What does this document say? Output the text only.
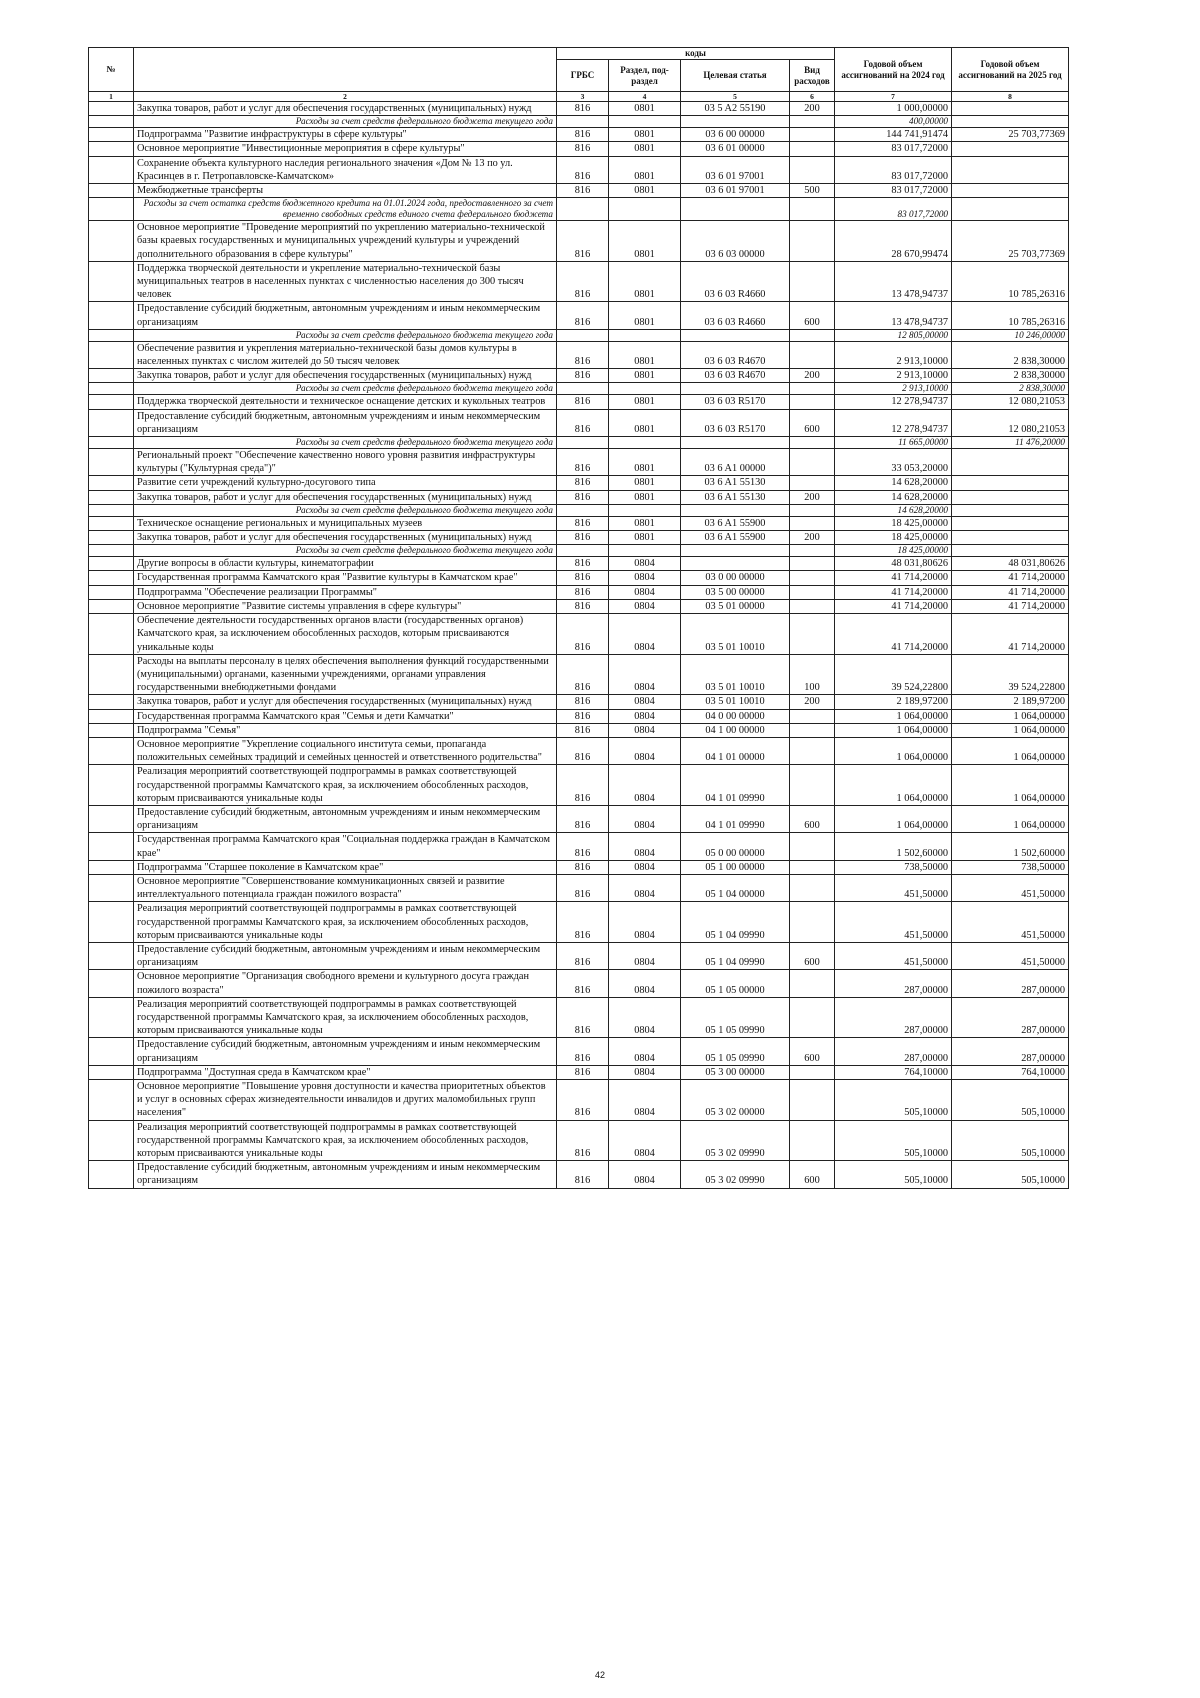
№		коды				Годовой объем ассигнований на 2024 год	Годовой объем ассигнований на 2025 год	
		ГРБС	Раздел, под-раздел	Целевая статья	Вид расходов			
1	2	3	4	5	6	7	8	
	Закупка товаров, работ и услуг для обеспечения государственных (муниципальных) нужд	816	0801	03 5 A2 55190	200	1 000,00000		
	Расходы за счет средств федерального бюджета текущего года					400,00000		
	Подпрограмма "Развитие инфраструктуры в сфере культуры"	816	0801	03 6 00 00000		144 741,91474	25 703,77369	
	Основное мероприятие "Инвестиционные мероприятия в сфере культуры"	816	0801	03 6 01 00000		83 017,72000		
	Сохранение объекта культурного наследия регионального значения «Дом № 13 по ул. Красинцев в г. Петропавловске-Камчатском»	816	0801	03 6 01 97001		83 017,72000		
	Межбюджетные трансферты	816	0801	03 6 01 97001	500	83 017,72000		
	Расходы за счет остатка средств бюджетного кредита на 01.01.2024 года, предоставленного за счет временно свободных средств единого счета федерального бюджета					83 017,72000		
	Основное мероприятие "Проведение мероприятий по укреплению материально-технической базы краевых государственных и муниципальных учреждений культуры и учреждений дополнительного образования в сфере культуры"	816	0801	03 6 03 00000		28 670,99474	25 703,77369	
	Поддержка творческой деятельности и укрепление материально-технической базы муниципальных театров в населенных пунктах с численностью населения до 300 тысяч человек	816	0801	03 6 03 R4660		13 478,94737	10 785,26316	
	Предоставление субсидий бюджетным, автономным учреждениям и иным некоммерческим организациям	816	0801	03 6 03 R4660	600	13 478,94737	10 785,26316	
	Расходы за счет средств федерального бюджета текущего года					12 805,00000	10 246,00000	
	Обеспечение развития и укрепления материально-технической базы домов культуры в населенных пунктах с числом жителей до 50 тысяч человек	816	0801	03 6 03 R4670		2 913,10000	2 838,30000	
	Закупка товаров, работ и услуг для обеспечения государственных (муниципальных) нужд	816	0801	03 6 03 R4670	200	2 913,10000	2 838,30000	
	Расходы за счет средств федерального бюджета текущего года					2 913,10000	2 838,30000	
	Поддержка творческой деятельности и техническое оснащение детских и кукольных театров	816	0801	03 6 03 R5170		12 278,94737	12 080,21053	
	Предоставление субсидий бюджетным, автономным учреждениям и иным некоммерческим организациям	816	0801	03 6 03 R5170	600	12 278,94737	12 080,21053	
	Расходы за счет средств федерального бюджета текущего года					11 665,00000	11 476,20000	
	Региональный проект "Обеспечение качественно нового уровня развития инфраструктуры культуры ("Культурная среда")"	816	0801	03 6 A1 00000		33 053,20000		
	Развитие сети учреждений культурно-досугового типа	816	0801	03 6 A1 55130		14 628,20000		
	Закупка товаров, работ и услуг для обеспечения государственных (муниципальных) нужд	816	0801	03 6 A1 55130	200	14 628,20000		
	Расходы за счет средств федерального бюджета текущего года					14 628,20000		
	Техническое оснащение региональных и муниципальных музеев	816	0801	03 6 A1 55900		18 425,00000		
	Закупка товаров, работ и услуг для обеспечения государственных (муниципальных) нужд	816	0801	03 6 A1 55900	200	18 425,00000		
	Расходы за счет средств федерального бюджета текущего года					18 425,00000		
	Другие вопросы в области культуры, кинематографии	816	0804			48 031,80626	48 031,80626	
	Государственная программа Камчатского края "Развитие культуры в Камчатском крае"	816	0804	03 0 00 00000		41 714,20000	41 714,20000	
	Подпрограмма "Обеспечение реализации Программы"	816	0804	03 5 00 00000		41 714,20000	41 714,20000	
	Основное мероприятие "Развитие системы управления в сфере культуры"	816	0804	03 5 01 00000		41 714,20000	41 714,20000	
	Обеспечение деятельности государственных органов власти (государственных органов) Камчатского края, за исключением обособленных расходов, которым присваиваются уникальные коды	816	0804	03 5 01 10010		41 714,20000	41 714,20000	
	Расходы на выплаты персоналу в целях обеспечения выполнения функций государственными (муниципальными) органами, казенными учреждениями, органами управления государственными внебюджетными фондами	816	0804	03 5 01 10010	100	39 524,22800	39 524,22800	
	Закупка товаров, работ и услуг для обеспечения государственных (муниципальных) нужд	816	0804	03 5 01 10010	200	2 189,97200	2 189,97200	
	Государственная программа Камчатского края "Семья и дети Камчатки"	816	0804	04 0 00 00000		1 064,00000	1 064,00000	
	Подпрограмма "Семья"	816	0804	04 1 00 00000		1 064,00000	1 064,00000	
	Основное мероприятие "Укрепление социального института семьи, пропаганда положительных семейных традиций и семейных ценностей и ответственного родительства"	816	0804	04 1 01 00000		1 064,00000	1 064,00000	
	Реализация мероприятий соответствующей подпрограммы в рамках соответствующей государственной программы Камчатского края, за исключением обособленных расходов, которым присваиваются уникальные коды	816	0804	04 1 01 09990		1 064,00000	1 064,00000	
	Предоставление субсидий бюджетным, автономным учреждениям и иным некоммерческим организациям	816	0804	04 1 01 09990	600	1 064,00000	1 064,00000	
	Государственная программа Камчатского края "Социальная поддержка граждан в Камчатском крае"	816	0804	05 0 00 00000		1 502,60000	1 502,60000	
	Подпрограмма "Старшее поколение в Камчатском крае"	816	0804	05 1 00 00000		738,50000	738,50000	
	Основное мероприятие "Совершенствование коммуникационных связей и развитие интеллектуального потенциала граждан пожилого возраста"	816	0804	05 1 04 00000		451,50000	451,50000	
	Реализация мероприятий соответствующей подпрограммы в рамках соответствующей государственной программы Камчатского края, за исключением обособленных расходов, которым присваиваются уникальные коды	816	0804	05 1 04 09990		451,50000	451,50000	
	Предоставление субсидий бюджетным, автономным учреждениям и иным некоммерческим организациям	816	0804	05 1 04 09990	600	451,50000	451,50000	
	Основное мероприятие "Организация свободного времени и культурного досуга граждан пожилого возраста"	816	0804	05 1 05 00000		287,00000	287,00000	
	Реализация мероприятий соответствующей подпрограммы в рамках соответствующей государственной программы Камчатского края, за исключением обособленных расходов, которым присваиваются уникальные коды	816	0804	05 1 05 09990		287,00000	287,00000	
	Предоставление субсидий бюджетным, автономным учреждениям и иным некоммерческим организациям	816	0804	05 1 05 09990	600	287,00000	287,00000	
	Подпрограмма "Доступная среда в Камчатском крае"	816	0804	05 3 00 00000		764,10000	764,10000	
	Основное мероприятие "Повышение уровня доступности и качества приоритетных объектов и услуг в основных сферах жизнедеятельности инвалидов и других маломобильных групп населения"	816	0804	05 3 02 00000		505,10000	505,10000	
	Реализация мероприятий соответствующей подпрограммы в рамках соответствующей государственной программы Камчатского края, за исключением обособленных расходов, которым присваиваются уникальные коды	816	0804	05 3 02 09990		505,10000	505,10000	
	Предоставление субсидий бюджетным, автономным учреждениям и иным некоммерческим организациям	816	0804	05 3 02 09990	600	505,10000	505,10000	
42
